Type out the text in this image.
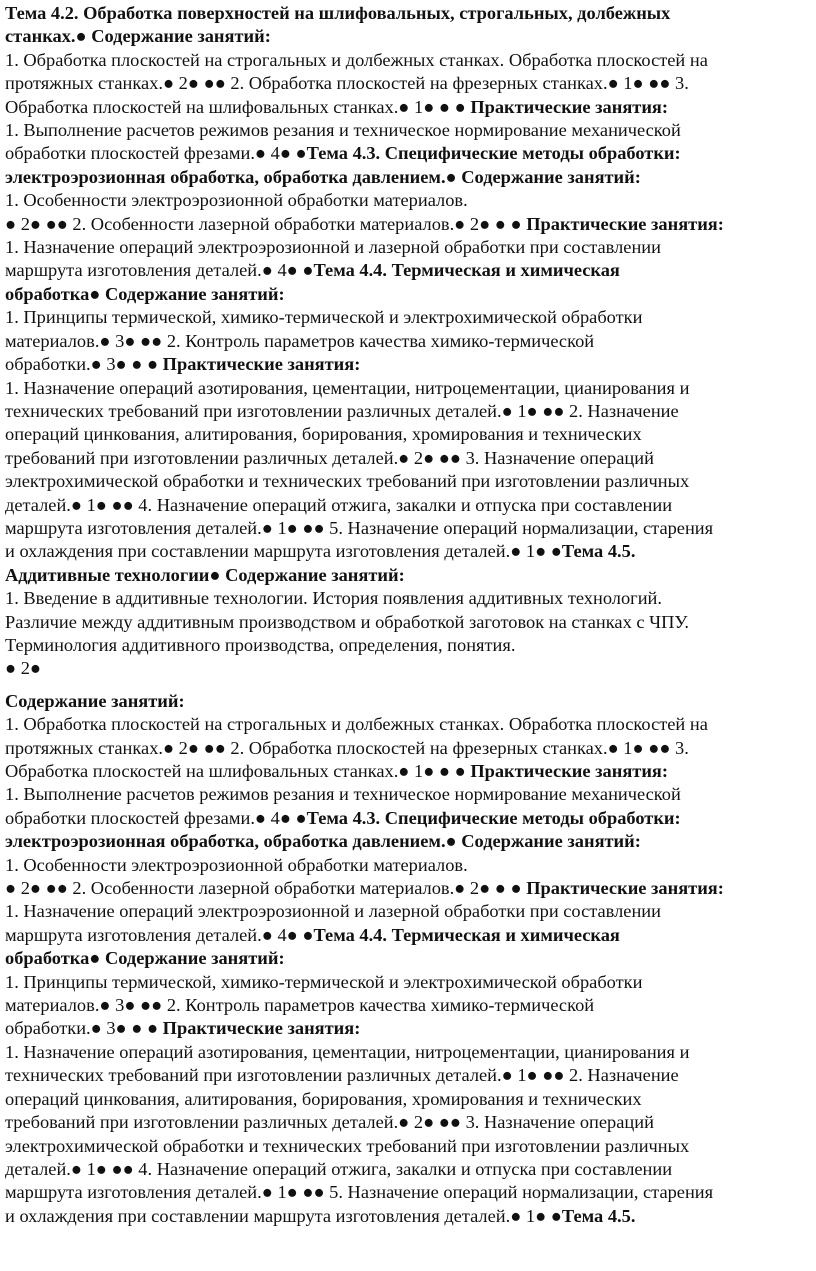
Тема 4.2. Обработка поверхностей на шлифовальных, строгальных, долбежных
станках.● Содержание занятий:
1. Обработка плоскостей на строгальных и долбежных станках. Обработка плоскостей на
протяжных станках.● 2● ●● 2. Обработка плоскостей на фрезерных станках.● 1● ●● 3.
Обработка плоскостей на шлифовальных станках.● 1● ● ● Практические занятия:
1. Выполнение расчетов режимов резания и техническое нормирование механической
обработки плоскостей фрезами.● 4● ●Тема 4.3. Специфические методы обработки:
электроэрозионная обработка, обработка давлением.● Содержание занятий:
1. Особенности электроэрозионной обработки материалов.
● 2● ●● 2. Особенности лазерной обработки материалов.● 2● ● ● Практические занятия:
1. Назначение операций электроэрозионной и лазерной обработки при составлении
маршрута изготовления деталей.● 4● ●Тема 4.4. Термическая и химическая
обработка● Содержание занятий:
1. Принципы термической, химико-термической и электрохимической обработки
материалов.● 3● ●● 2. Контроль параметров качества химико-термической
обработки.● 3● ● ● Практические занятия:
1. Назначение операций азотирования, цементации, нитроцементации, цианирования и
технических требований при изготовлении различных деталей.● 1● ●● 2. Назначение
операций цинкования, алитирования, борирования, хромирования и технических
требований при изготовлении различных деталей.● 2● ●● 3. Назначение операций
электрохимической обработки и технических требований при изготовлении различных
деталей.● 1● ●● 4. Назначение операций отжига, закалки и отпуска при составлении
маршрута изготовления деталей.● 1● ●● 5. Назначение операций нормализации, старения
и охлаждения при составлении маршрута изготовления деталей.● 1● ●Тема 4.5.
Аддитивные технологии● Содержание занятий:
1. Введение в аддитивные технологии. История появления аддитивных технологий.
Различие между аддитивным производством и обработкой заготовок на станках с ЧПУ.
Терминология аддитивного производства, определения, понятия.
● 2●
Содержание занятий:
1. Обработка плоскостей на строгальных и долбежных станках. Обработка плоскостей на
протяжных станках.● 2● ●● 2. Обработка плоскостей на фрезерных станках.● 1● ●● 3.
Обработка плоскостей на шлифовальных станках.● 1● ● ● Практические занятия:
1. Выполнение расчетов режимов резания и техническое нормирование механической
обработки плоскостей фрезами.● 4● ●Тема 4.3. Специфические методы обработки:
электроэрозионная обработка, обработка давлением.● Содержание занятий:
1. Особенности электроэрозионной обработки материалов.
● 2● ●● 2. Особенности лазерной обработки материалов.● 2● ● ● Практические занятия:
1. Назначение операций электроэрозионной и лазерной обработки при составлении
маршрута изготовления деталей.● 4● ●Тема 4.4. Термическая и химическая
обработка● Содержание занятий:
1. Принципы термической, химико-термической и электрохимической обработки
материалов.● 3● ●● 2. Контроль параметров качества химико-термической
обработки.● 3● ● ● Практические занятия:
1. Назначение операций азотирования, цементации, нитроцементации, цианирования и
технических требований при изготовлении различных деталей.● 1● ●● 2. Назначение
операций цинкования, алитирования, борирования, хромирования и технических
требований при изготовлении различных деталей.● 2● ●● 3. Назначение операций
электрохимической обработки и технических требований при изготовлении различных
деталей.● 1● ●● 4. Назначение операций отжига, закалки и отпуска при составлении
маршрута изготовления деталей.● 1● ●● 5. Назначение операций нормализации, старения
и охлаждения при составлении маршрута изготовления деталей.● 1● ●Тема 4.5.
